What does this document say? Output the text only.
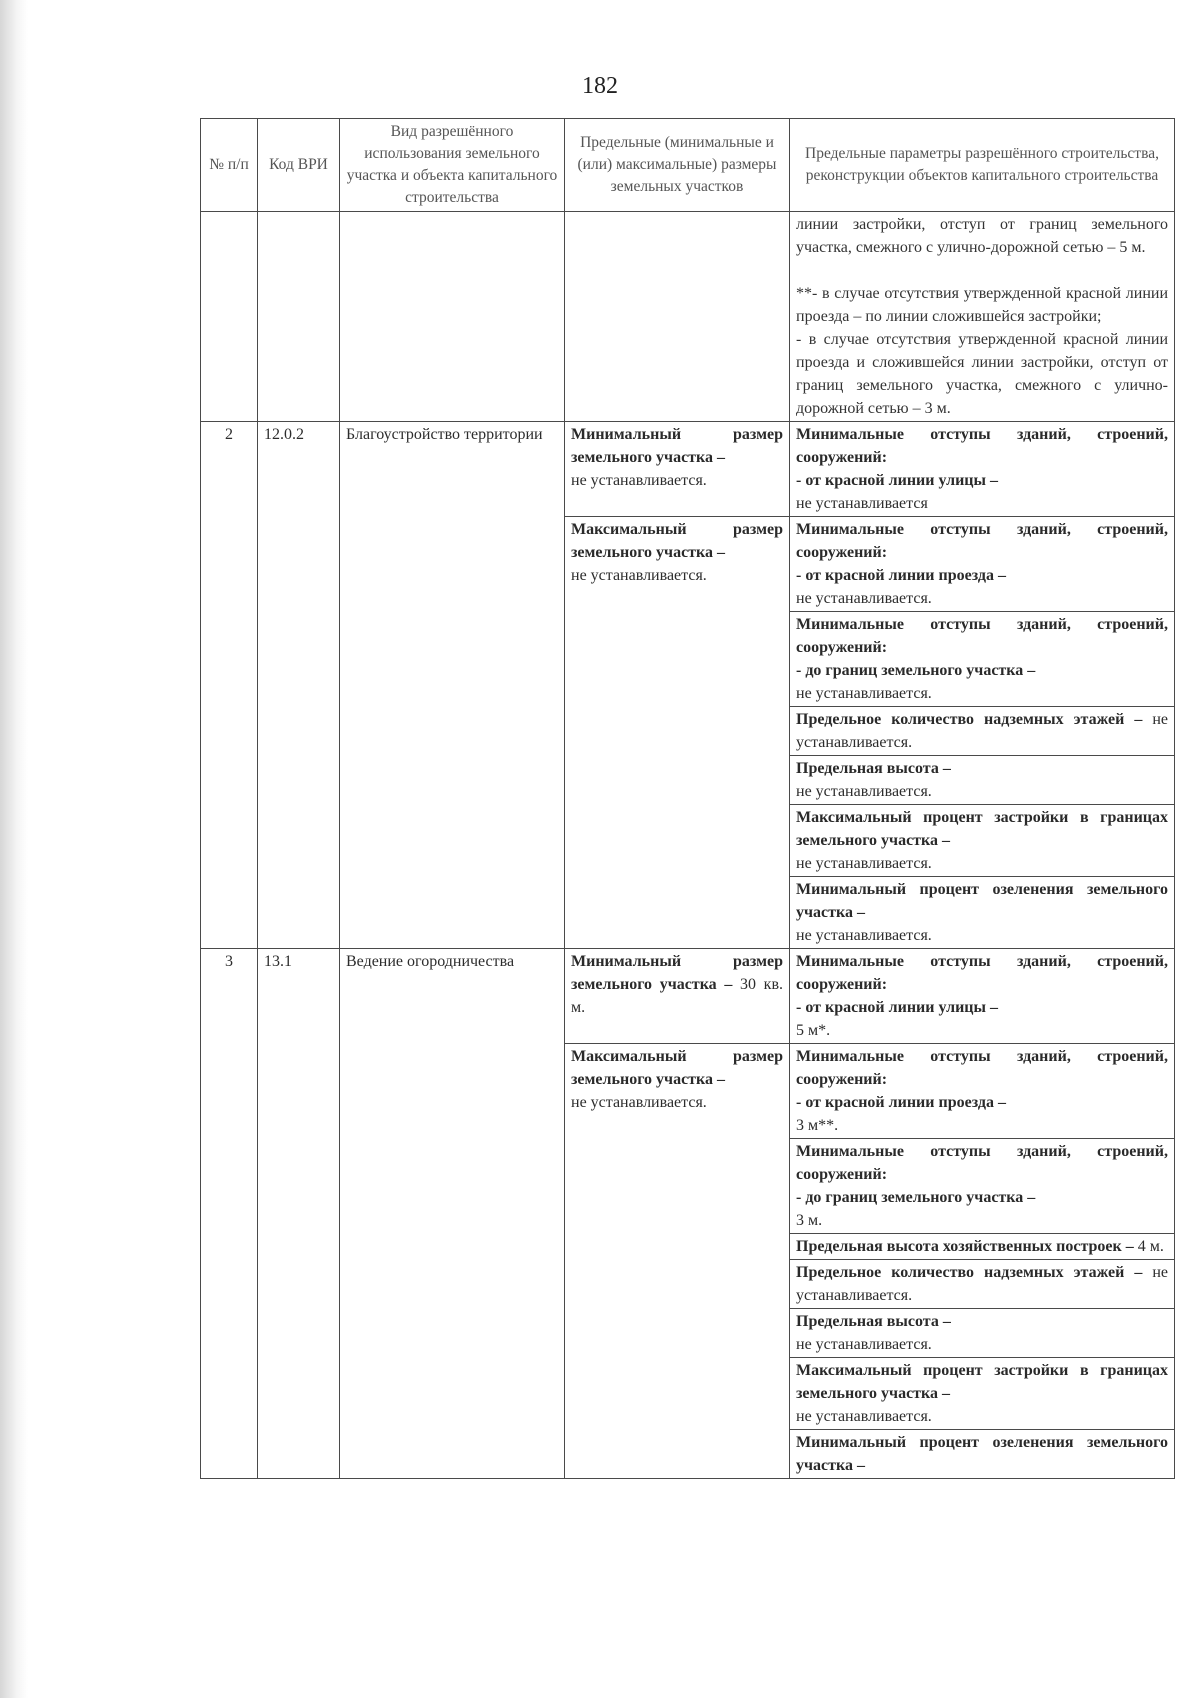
182
№ п/п	Код ВРИ	Вид разрешённого использования земельного участка и объекта капитального строительства	Предельные (минимальные и (или) максимальные) размеры земельных участков	Предельные параметры разрешённого строительства, реконструкции объектов капитального строительства

				линии застройки, отступ от границ земельного участка, смежного с улично-дорожной сетью – 5 м.
**- в случае отсутствия утвержденной красной линии проезда – по линии сложившейся застройки;
- в случае отсутствия утвержденной красной линии проезда и сложившейся линии застройки, отступ от границ земельного участка, смежного с улично-дорожной сетью – 3 м.

2	12.0.2	Благоустройство территории	Минимальный размер земельного участка –
не устанавливается.	Минимальные отступы зданий, строений, сооружений:
- от красной линии улицы –
не устанавливается
			Максимальный размер земельного участка –
не устанавливается.	Минимальные отступы зданий, строений, сооружений:
- от красной линии проезда –
не устанавливается.
				Минимальные отступы зданий, строений, сооружений:
- до границ земельного участка –
не устанавливается.
				Предельное количество надземных этажей – не устанавливается.
				Предельная высота –
не устанавливается.
				Максимальный процент застройки в границах земельного участка –
не устанавливается.
				Минимальный процент озеленения земельного участка –
не устанавливается.
3	13.1	Ведение огородничества	Минимальный размер земельного участка – 30 кв. м.	Минимальные отступы зданий, строений, сооружений:
- от красной линии улицы –
5 м*.
			Максимальный размер земельного участка –
не устанавливается.	Минимальные отступы зданий, строений, сооружений:
- от красной линии проезда –
3 м**.
				Минимальные отступы зданий, строений, сооружений:
- до границ земельного участка –
3 м.
				Предельная высота хозяйственных построек – 4 м.
				Предельное количество надземных этажей – не устанавливается.
				Предельная высота –
не устанавливается.
				Максимальный процент застройки в границах земельного участка –
не устанавливается.
				Минимальный процент озеленения земельного участка –
